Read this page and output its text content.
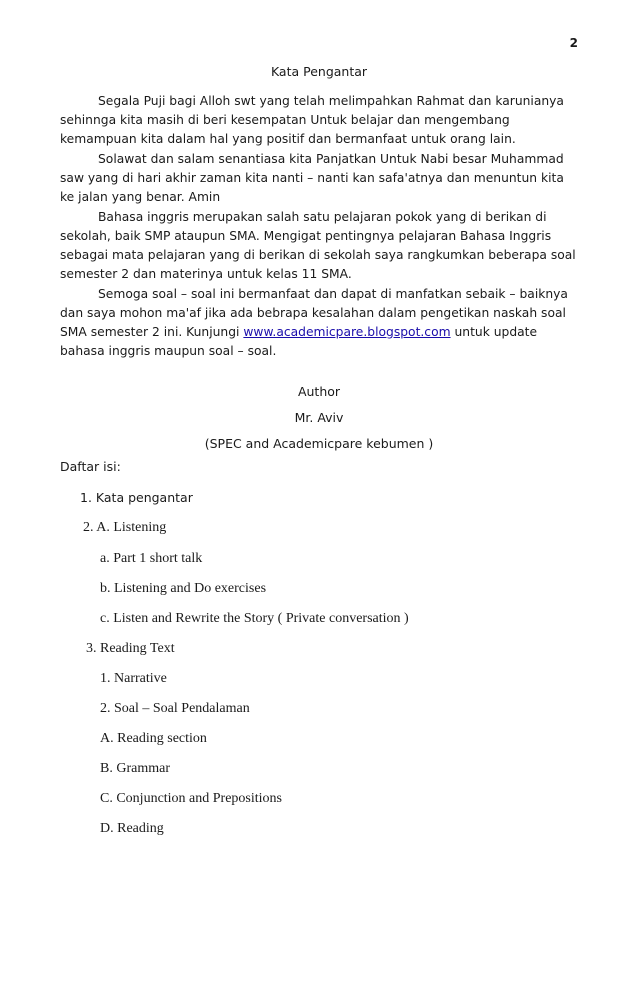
2
Kata Pengantar

Segala Puji bagi Alloh swt yang telah melimpahkan Rahmat dan karunianya sehinnga kita masih di beri kesempatan Untuk belajar dan mengembang kemampuan kita dalam hal yang positif dan bermanfaat untuk orang lain.

Solawat dan salam senantiasa kita Panjatkan Untuk Nabi besar Muhammad saw yang di hari akhir zaman kita nanti – nanti kan safa'atnya dan menuntun kita ke jalan yang benar. Amin

Bahasa inggris merupakan salah satu pelajaran pokok yang di berikan di sekolah, baik SMP ataupun SMA. Mengigat pentingnya pelajaran Bahasa Inggris sebagai mata pelajaran yang di berikan di sekolah saya rangkumkan beberapa soal semester 2 dan materinya untuk kelas 11 SMA.

Semoga soal – soal ini bermanfaat dan dapat di manfatkan sebaik – baiknya dan saya mohon ma'af jika ada bebrapa kesalahan dalam pengetikan naskah soal SMA semester 2 ini. Kunjungi www.academicpare.blogspot.com untuk update bahasa inggris maupun soal – soal.

Author
Mr. Aviv
(SPEC and Academicpare kebumen )
Daftar isi:
1. Kata pengantar
2. A. Listening
a. Part 1 short talk
b. Listening and Do exercises
c. Listen and Rewrite the Story ( Private conversation )
3. Reading Text
1. Narrative
2. Soal – Soal Pendalaman
A. Reading section
B. Grammar
C. Conjunction and Prepositions
D. Reading
